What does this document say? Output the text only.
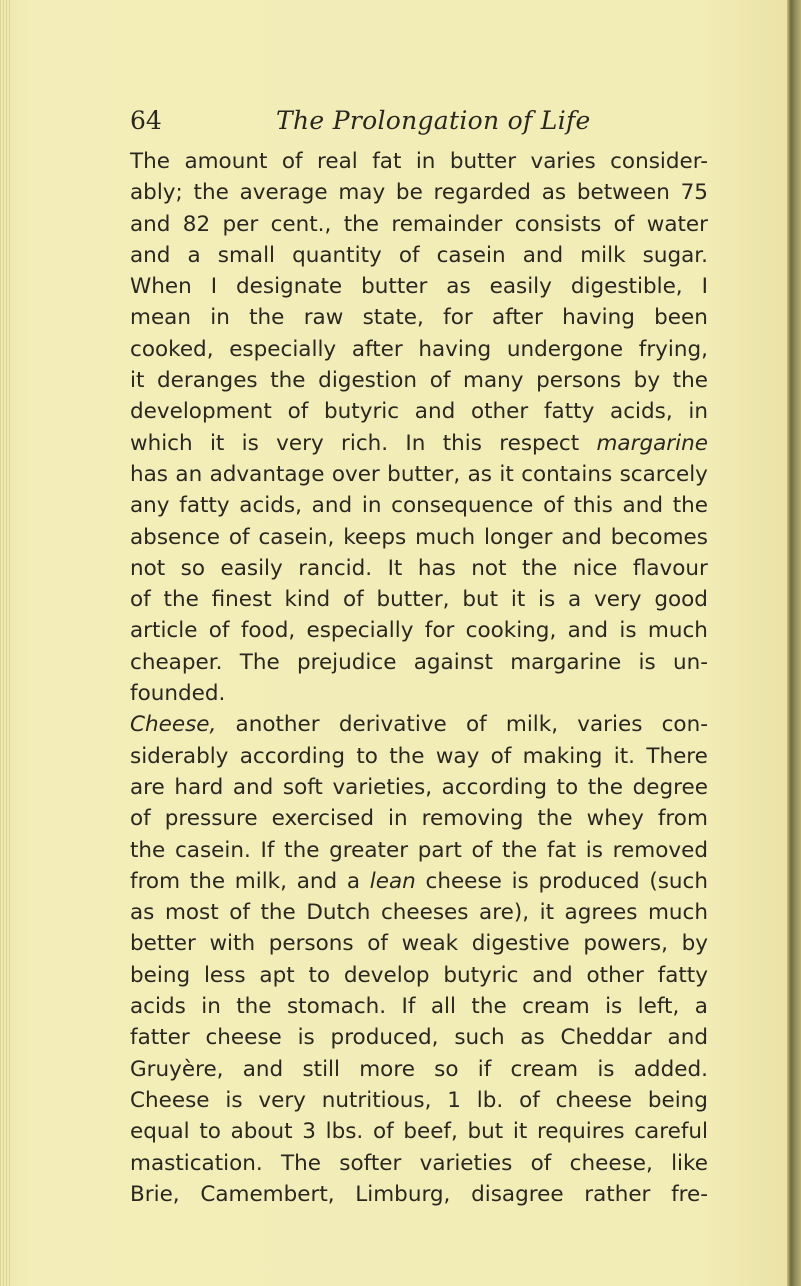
64	The Prolongation of Life
The amount of real fat in butter varies consider-
ably; the average may be regarded as between 75
and 82 per cent., the remainder consists of water
and a small quantity of casein and milk sugar.
When I designate butter as easily digestible, I
mean in the raw state, for after having been
cooked, especially after having undergone frying,
it deranges the digestion of many persons by the
development of butyric and other fatty acids, in
which it is very rich. In this respect margarine
has an advantage over butter, as it contains scarcely
any fatty acids, and in consequence of this and the
absence of casein, keeps much longer and becomes
not so easily rancid. It has not the nice flavour
of the finest kind of butter, but it is a very good
article of food, especially for cooking, and is much
cheaper. The prejudice against margarine is un-
founded.
Cheese, another derivative of milk, varies con-
siderably according to the way of making it. There
are hard and soft varieties, according to the degree
of pressure exercised in removing the whey from
the casein. If the greater part of the fat is removed
from the milk, and a lean cheese is produced (such
as most of the Dutch cheeses are), it agrees much
better with persons of weak digestive powers, by
being less apt to develop butyric and other fatty
acids in the stomach. If all the cream is left, a
fatter cheese is produced, such as Cheddar and
Gruyère, and still more so if cream is added.
Cheese is very nutritious, 1 lb. of cheese being
equal to about 3 lbs. of beef, but it requires careful
mastication. The softer varieties of cheese, like
Brie, Camembert, Limburg, disagree rather fre-
